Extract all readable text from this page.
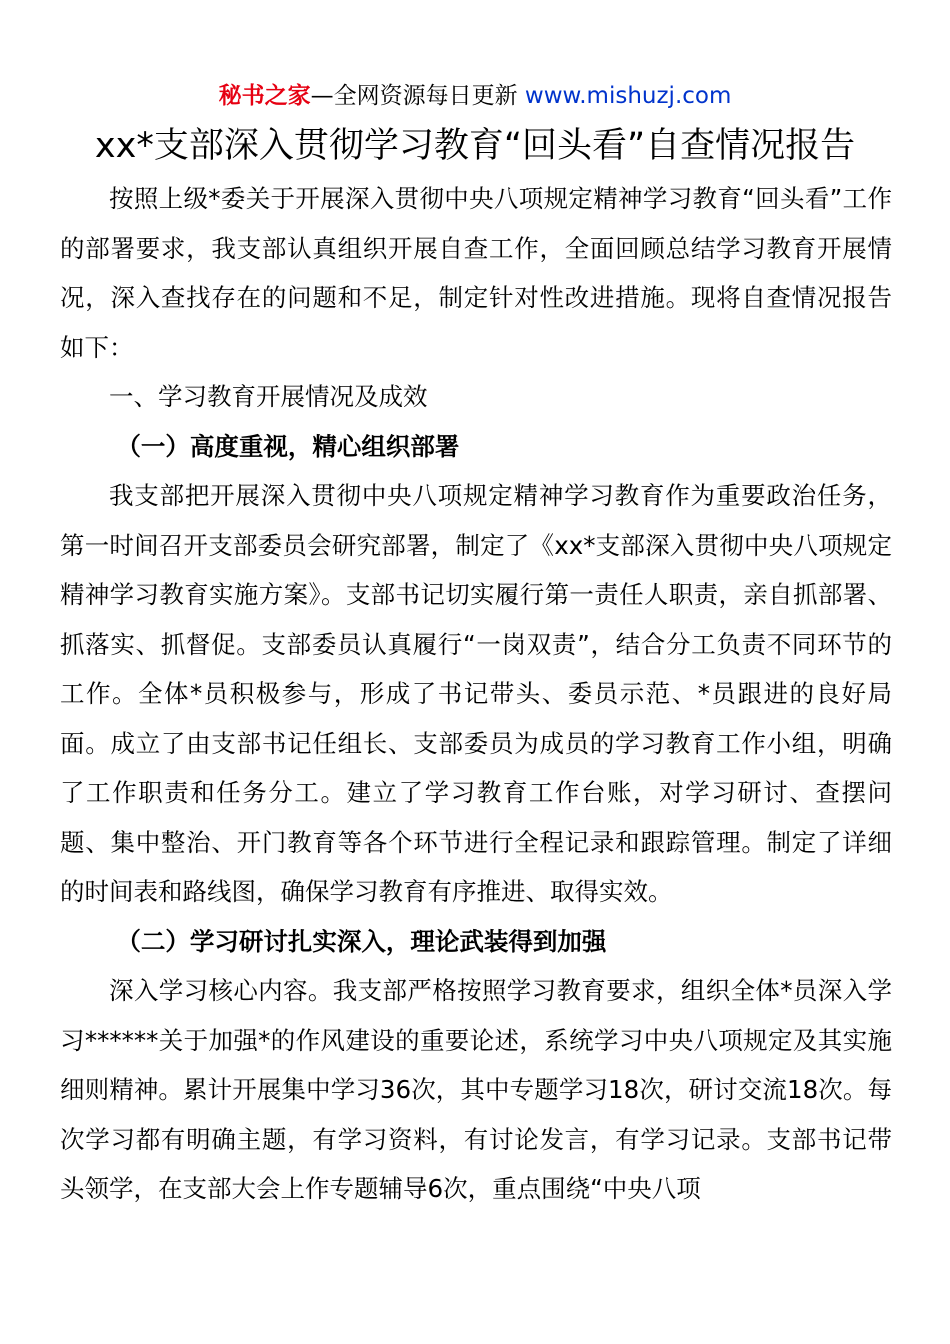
秘书之家—全网资源每日更新 www.mishuzj.com
xx*支部深入贯彻学习教育“回头看”自查情况报告

按照上级*委关于开展深入贯彻中央八项规定精神学习教育“回头看”工作的部署要求，我支部认真组织开展自查工作，全面回顾总结学习教育开展情况，深入查找存在的问题和不足，制定针对性改进措施。现将自查情况报告如下：

一、学习教育开展情况及成效

（一）高度重视，精心组织部署

我支部把开展深入贯彻中央八项规定精神学习教育作为重要政治任务，第一时间召开支部委员会研究部署，制定了《xx*支部深入贯彻中央八项规定精神学习教育实施方案》。支部书记切实履行第一责任人职责，亲自抓部署、抓落实、抓督促。支部委员认真履行“一岗双责”，结合分工负责不同环节的工作。全体*员积极参与，形成了书记带头、委员示范、*员跟进的良好局面。成立了由支部书记任组长、支部委员为成员的学习教育工作小组，明确了工作职责和任务分工。建立了学习教育工作台账，对学习研讨、查摆问题、集中整治、开门教育等各个环节进行全程记录和跟踪管理。制定了详细的时间表和路线图，确保学习教育有序推进、取得实效。

（二）学习研讨扎实深入，理论武装得到加强

深入学习核心内容。我支部严格按照学习教育要求，组织全体*员深入学习******关于加强*的作风建设的重要论述，系统学习中央八项规定及其实施细则精神。累计开展集中学习36次，其中专题学习18次，研讨交流18次。每次学习都有明确主题，有学习资料，有讨论发言，有学习记录。支部书记带头领学，在支部大会上作专题辅导6次，重点围绕“中央八项
